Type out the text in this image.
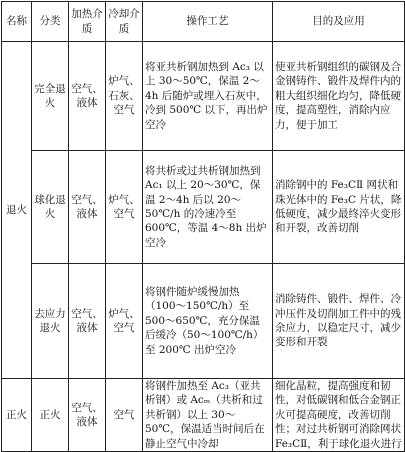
名称	分类	加热介质	冷却介质	操作工艺	目的及应用
退火	完全退火	空气、液体	炉气、石灰、空气	将亚共析钢加热到 Ac₃ 以上 30～50℃，保温 2～4h 后随炉或埋入石灰中，冷到 500℃ 以下，再出炉空冷	使亚共析钢组织的碳钢及合金钢铸件、锻件及焊件内的粗大组织细化均匀，降低硬度，提高塑性，消除内应力，便于加工
	球化退火	空气、液体	炉气、空气	将共析或过共析钢加热到 Ac₁ 以上 20～30℃，保温 2～4h 后以 20～50℃/h 的冷速冷至 600℃，等温 4～8h 出炉空冷	消除钢中的 Fe₃CⅡ 网状和珠光体中的 Fe₃C 片状，降低硬度，减少最终淬火变形和开裂，改善切削
	去应力退火	空气、液体	炉气、空气	将钢件随炉缓慢加热（100～150℃/h）至 500～650℃，充分保温后缓冷（50～100℃/h）至 200℃ 出炉空冷	消除铸件、锻件、焊件、冷冲压件及切削加工件中的残余应力，以稳定尺寸，减少变形和开裂
正火	正火	空气、液体	空气	将钢件加热至 Ac₃（亚共析钢）或 Acₘ（共析和过共析钢）以上 30～50℃，保温适当时间后在静止空气中冷却	细化晶粒，提高强度和韧性，对低碳钢和低合金钢正火可提高硬度，改善切削性；对过共析钢可消除网状 Fe₃CⅡ，利于球化退火进行
